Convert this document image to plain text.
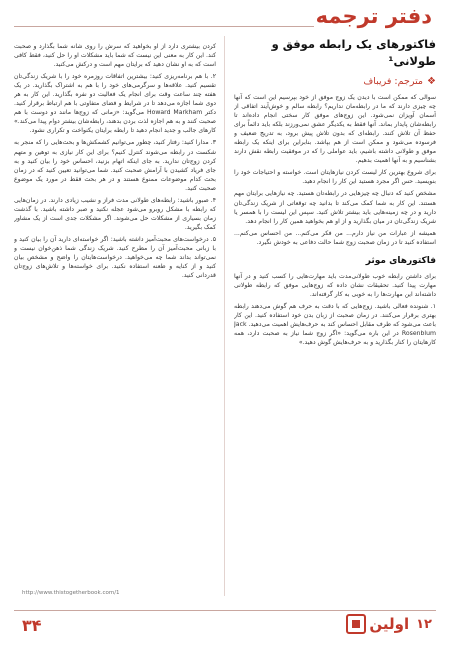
دفتر ترجمه
فاکتورهای یک رابطه موفق و طولانی¹
❖
مترجم: فریباف

سوالی که ممکن است با دیدن یک زوج موفق از خود بپرسیم این است که آنها چه چیزی دارند که ما در رابطه‌مان نداریم؟ رابطه سالم و خوش‌آیند اتفاقی از آسمان آویزان نمی‌شود. این زوج‌های موفق کار سختی انجام داده‌اند تا رابطه‌شان پایدار بماند. آنها فقط به یکدیگر عشق نمی‌ورزند بلکه باید دائماً برای حفظ آن تلاش کنند. رابطه‌ای که بدون تلاش پیش برود، به تدریج ضعیف و فرسوده می‌شود و ممکن است از هم بپاشد. بنابراین برای اینکه یک رابطه موفق و طولانی داشته باشیم، باید عواملی را که در موفقیت رابطه نقش دارند بشناسیم و به آنها اهمیت بدهیم.

برای شروع بهترین کار لیست کردن نیازهایتان است. خواسته و احتیاجات خود را بنویسید. حس اگر مجرد هستید این کار را انجام دهید.

مشخص کنید که دنبال چه چیزهایی در رابطه‌تان هستید. چه نیازهایی برایتان مهم هستند. این کار به شما کمک می‌کند تا بدانید چه توقعاتی از شریک زندگی‌تان دارید و در چه زمینه‌هایی باید بیشتر تلاش کنید. سپس این لیست را با همسر یا شریک زندگی‌تان در میان بگذارید و از او هم بخواهید همین کار را انجام دهد.

همیشه از عبارات من نیاز دارم... من فکر می‌کنم... من احساس می‌کنم... استفاده کنید تا در زمان صحبت زوج شما حالت دفاعی به خودش نگیرد.

فاکتورهای موثر

برای داشتن رابطه خوب طولانی‌مدت باید مهارت‌هایی را کسب کنید و در آنها مهارت پیدا کنید. تحقیقات نشان داده که زوج‌هایی موفق که رابطه طولانی داشته‌اند این مهارت‌ها را به خوبی به کار گرفته‌اند.

۱. شنونده فعالی باشید. زوج‌هایی که با دقت به حرف هم گوش می‌دهند رابطه بهتری برقرار می‌کنند. در زمان صحبت از زبان بدن خود استفاده کنید. این کار باعث می‌شود که طرف مقابل احساس کند به حرف‌هایش اهمیت می‌دهید. Jack Rosenblum در این باره می‌گوید: «اگر زوج شما نیاز به صحبت دارد، همه کارهایتان را کنار بگذارید و به حرف‌هایش گوش دهید.»

کردن بیشتری دارد از او بخواهید که سرش را روی شانه شما بگذارد و صحبت کند. این کار به معنی این نیست که شما باید مشکلات او را حل کنید، فقط کافی است که به او نشان دهید که برایتان مهم است و درکش می‌کنید.

۲. با هم برنامه‌ریزی کنید: بیشترین اتفاقات روزمره خود را با شریک زندگی‌تان تقسیم کنید. علاقه‌ها و سرگرمی‌های خود را با هم به اشتراک بگذارید. در یک هفته چند ساعت وقت برای انجام یک فعالیت دو نفره بگذارید. این کار به هر دوی شما اجازه می‌دهد تا در شرایط و فضای متفاوتی با هم ارتباط برقرار کنید. دکتر Howard Markham می‌گوید: «زمانی که زوج‌ها مانند دو دوست با هم صحبت کنند و به هم اجازه لذت بردن بدهند، رابطه‌شان بیشتر دوام پیدا می‌کند.» کارهای جالب و جدید انجام دهید تا رابطه برایتان یکنواخت و تکراری نشود.

۳. مدارا کنید: رفتار کنید، چطور می‌توانیم کشمکش‌ها و بحث‌هایی را که منجر به شکست در رابطه می‌شوند کنترل کنیم؟ برای این کار نیازی به توهین و متهم کردن زوج‌تان ندارید. به جای اینکه اتهام بزنید، احساس خود را بیان کنید و به جای فریاد کشیدن با آرامش صحبت کنید. شما می‌توانید تعیین کنید که در زمان بحث کدام موضوعات ممنوع هستند و در هر بحث فقط در مورد یک موضوع صحبت کنید.

۴. صبور باشید: رابطه‌های طولانی مدت فراز و نشیب زیادی دارند. در زمان‌هایی که رابطه با مشکل روبرو می‌شود عجله نکنید و صبر داشته باشید. با گذشت زمان بسیاری از مشکلات حل می‌شوند. اگر مشکلات جدی است از یک مشاور کمک بگیرید.

۵. درخواست‌های محبت‌آمیز داشته باشید: اگر خواسته‌ای دارید آن را بیان کنید و با زبانی محبت‌آمیز آن را مطرح کنید. شریک زندگی شما ذهن‌خوان نیست و نمی‌تواند بداند شما چه می‌خواهید. درخواست‌هایتان را واضح و مشخص بیان کنید و از کنایه و طعنه استفاده نکنید. برای خواسته‌ها و تلاش‌های زوج‌تان قدردانی کنید.

http://www.thistogetherbook.com/1
۳۴	۱۲
اولین
